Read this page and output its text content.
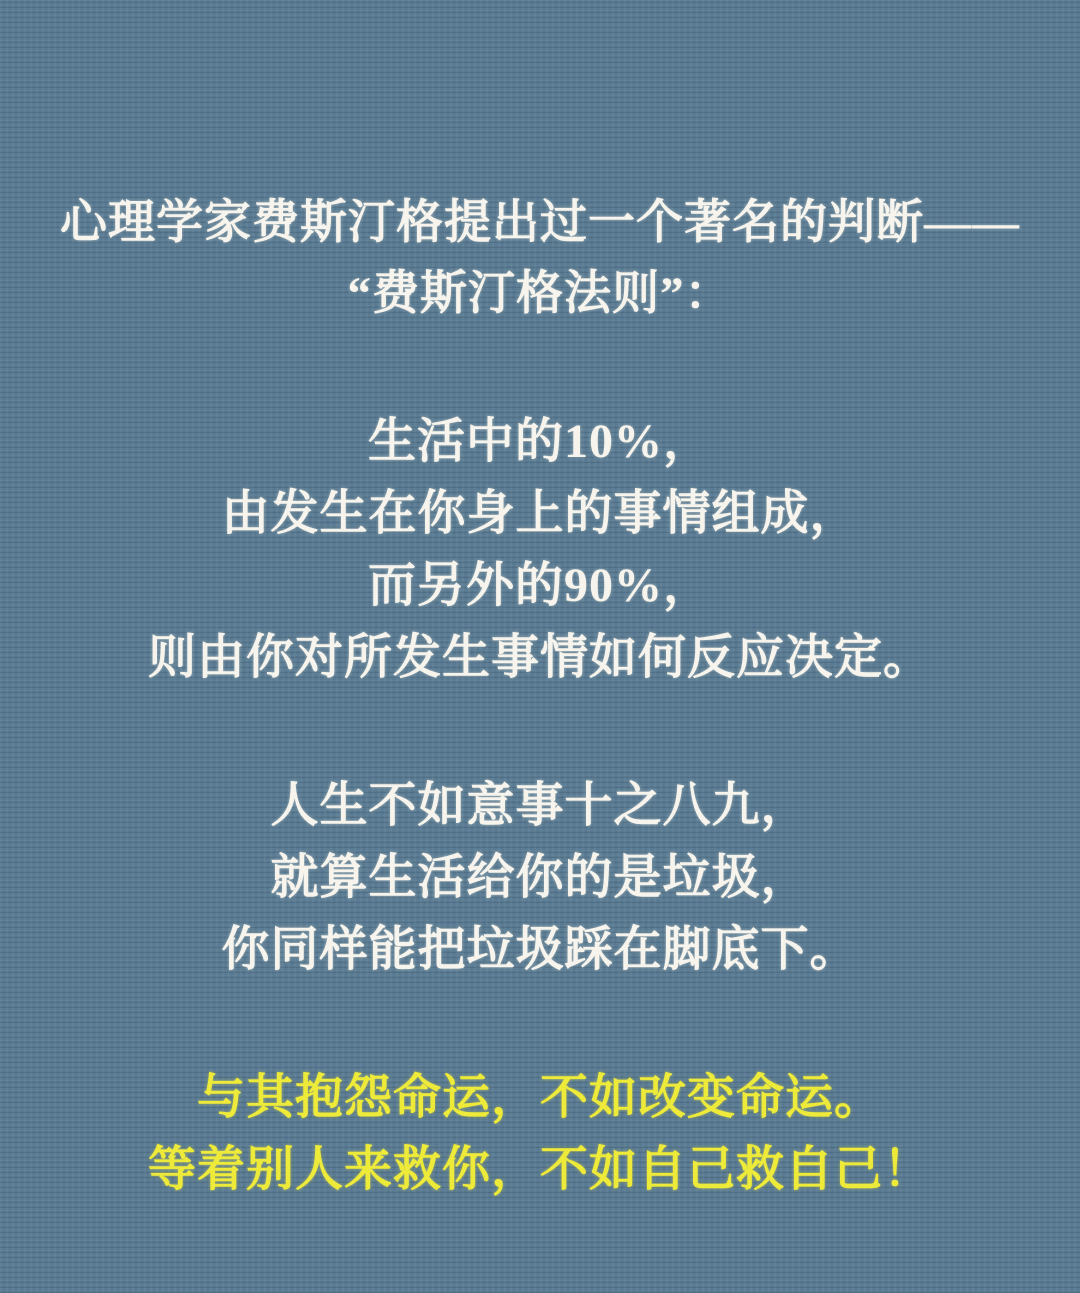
心理学家费斯汀格提出过一个著名的判断——

“费斯汀格法则”：

生活中的10%，

由发生在你身上的事情组成，

而另外的90%，

则由你对所发生事情如何反应决定。

人生不如意事十之八九，

就算生活给你的是垃圾，

你同样能把垃圾踩在脚底下。

与其抱怨命运，不如改变命运。

等着别人来救你，不如自己救自己！
